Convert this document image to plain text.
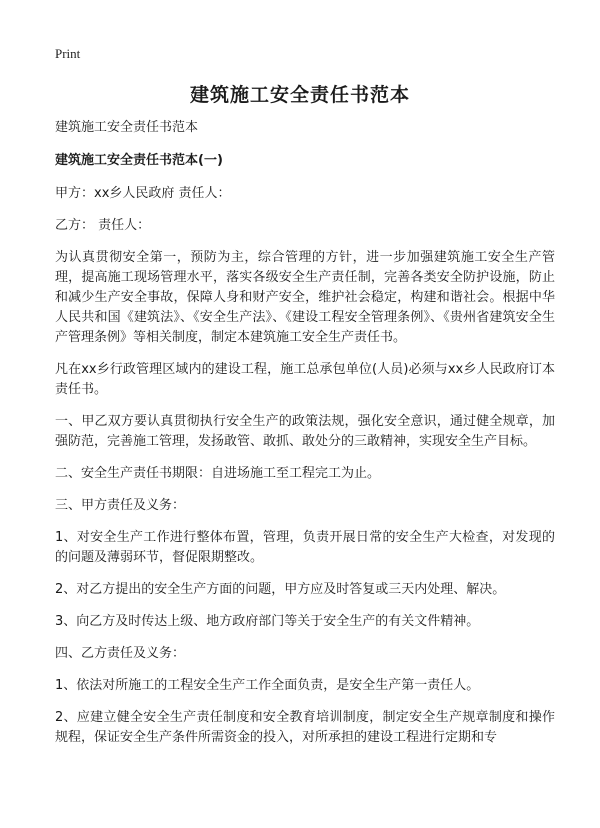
Print
建筑施工安全责任书范本

建筑施工安全责任书范本

建筑施工安全责任书范本(一)

甲方：xx乡人民政府 责任人：

乙方： 责任人：

为认真贯彻安全第一，预防为主，综合管理的方针，进一步加强建筑施工安全生产管理，提高施工现场管理水平，落实各级安全生产责任制，完善各类安全防护设施，防止和减少生产安全事故，保障人身和财产安全，维护社会稳定，构建和谐社会。根据中华人民共和国《建筑法》、《安全生产法》、《建设工程安全管理条例》、《贵州省建筑安全生产管理条例》等相关制度，制定本建筑施工安全生产责任书。

凡在xx乡行政管理区域内的建设工程，施工总承包单位(人员)必须与xx乡人民政府订本责任书。

一、甲乙双方要认真贯彻执行安全生产的政策法规，强化安全意识，通过健全规章，加强防范，完善施工管理，发扬敢管、敢抓、敢处分的三敢精神，实现安全生产目标。

二、安全生产责任书期限：自进场施工至工程完工为止。

三、甲方责任及义务：

1、对安全生产工作进行整体布置，管理，负责开展日常的安全生产大检查，对发现的的问题及薄弱环节，督促限期整改。

2、对乙方提出的安全生产方面的问题，甲方应及时答复或三天内处理、解决。

3、向乙方及时传达上级、地方政府部门等关于安全生产的有关文件精神。

四、乙方责任及义务：

1、依法对所施工的工程安全生产工作全面负责，是安全生产第一责任人。

2、应建立健全安全生产责任制度和安全教育培训制度，制定安全生产规章制度和操作规程，保证安全生产条件所需资金的投入，对所承担的建设工程进行定期和专
